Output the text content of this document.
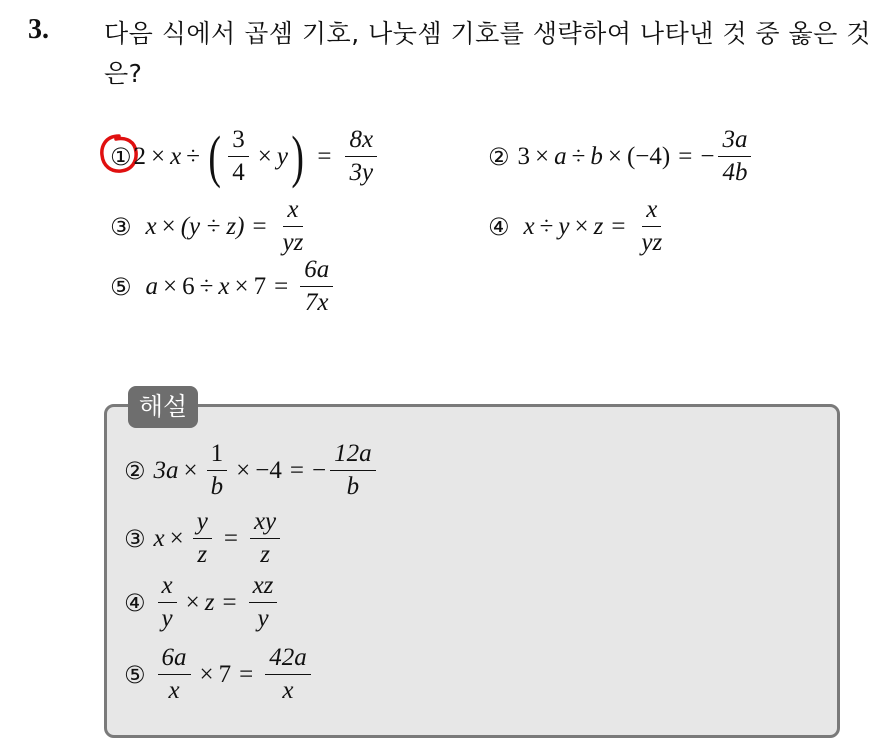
3. 다음 식에서 곱셈 기호, 나눗셈 기호를 생략하여 나타낸 것 중 옳은 것은?
① 2 × x ÷ ( $\frac{3}{4} \times y$ ) = $\frac{8x}{3y}$	② 3 × a ÷ b × (−4) = − $\frac{3a}{4b}$
③ $x \times (y \div z) = \frac{x}{yz}$	④ $x \div y \times z = \frac{x}{yz}$
⑤ $a \times 6 \div x \times 7 = \frac{6a}{7x}$
해설
② $3a \times \frac{1}{b} \times -4$ = − $\frac{12a}{b}$
③ $x \times \frac{y}{z} = \frac{xy}{z}$
④ $\frac{x}{y} \times z = \frac{xz}{y}$
⑤ $\frac{6a}{x} \times 7 = \frac{42a}{x}$
